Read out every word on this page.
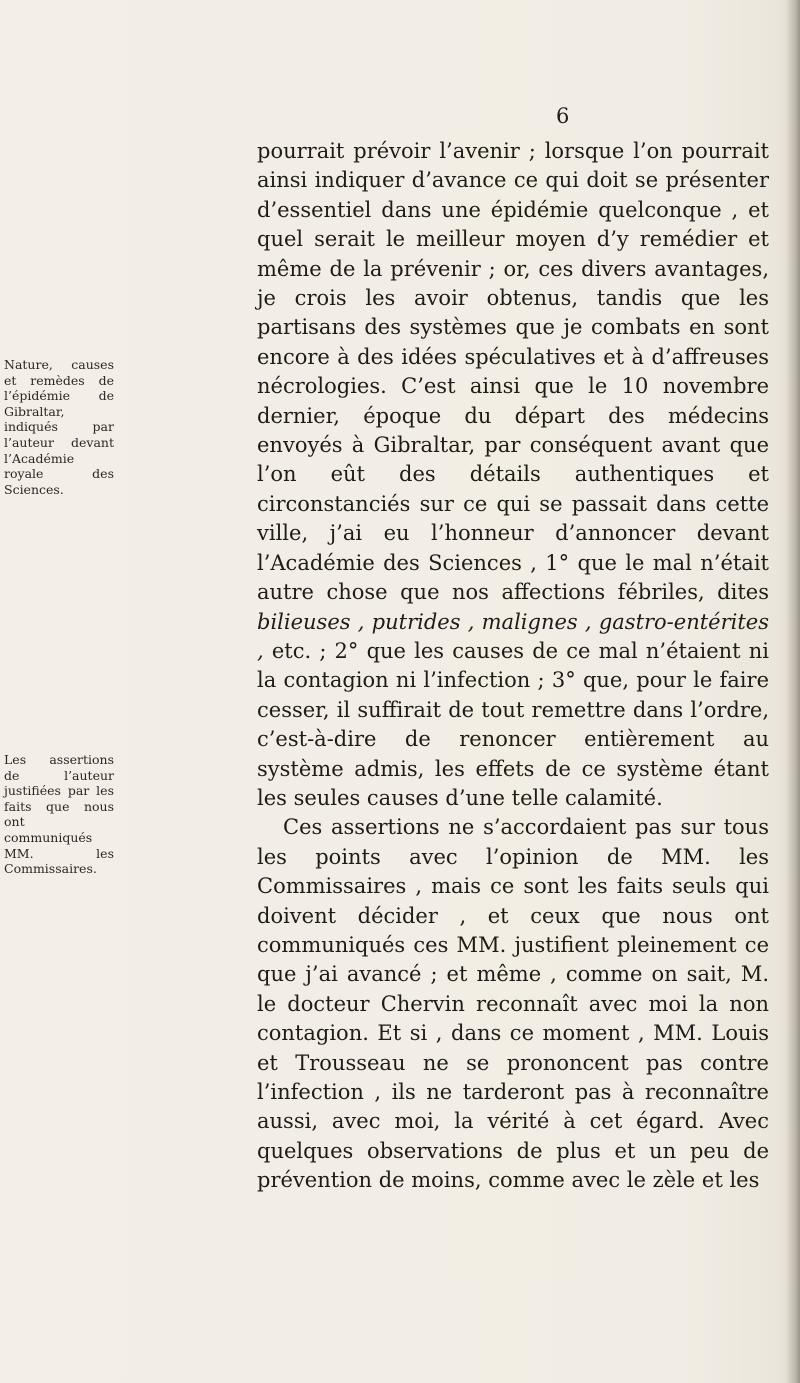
6
Nature, causes et remèdes de l’épidémie de Gibraltar, indiqués par l’auteur devant l’Académie royale des Sciences.
Les assertions de l’auteur justifiées par les faits que nous ont communiqués MM. les Commissaires.

pourrait prévoir l’avenir ; lorsque l’on pourrait ainsi indiquer d’avance ce qui doit se présenter d’essentiel dans une épidémie quelconque , et quel serait le meilleur moyen d’y remédier et même de la prévenir ; or, ces divers avantages, je crois les avoir obtenus, tandis que les partisans des systèmes que je combats en sont encore à des idées spéculatives et à d’affreuses nécrologies. C’est ainsi que le 10 novembre dernier, époque du départ des médecins envoyés à Gibraltar, par conséquent avant que l’on eût des détails authentiques et circonstanciés sur ce qui se passait dans cette ville, j’ai eu l’honneur d’annoncer devant l’Académie des Sciences , 1° que le mal n’était autre chose que nos affections fébriles, dites bilieuses , putrides , malignes , gastro-entérites , etc. ; 2° que les causes de ce mal n’étaient ni la contagion ni l’infection ; 3° que, pour le faire cesser, il suffirait de tout remettre dans l’ordre, c’est-à-dire de renoncer entièrement au système admis, les effets de ce système étant les seules causes d’une telle calamité.

Ces assertions ne s’accordaient pas sur tous les points avec l’opinion de MM. les Commissaires , mais ce sont les faits seuls qui doivent décider , et ceux que nous ont communiqués ces MM. justifient pleinement ce que j’ai avancé ; et même , comme on sait, M. le docteur Chervin reconnaît avec moi la non contagion. Et si , dans ce moment , MM. Louis et Trousseau ne se prononcent pas contre l’infection , ils ne tarderont pas à reconnaître aussi, avec moi, la vérité à cet égard. Avec quelques observations de plus et un peu de prévention de moins, comme avec le zèle et les
